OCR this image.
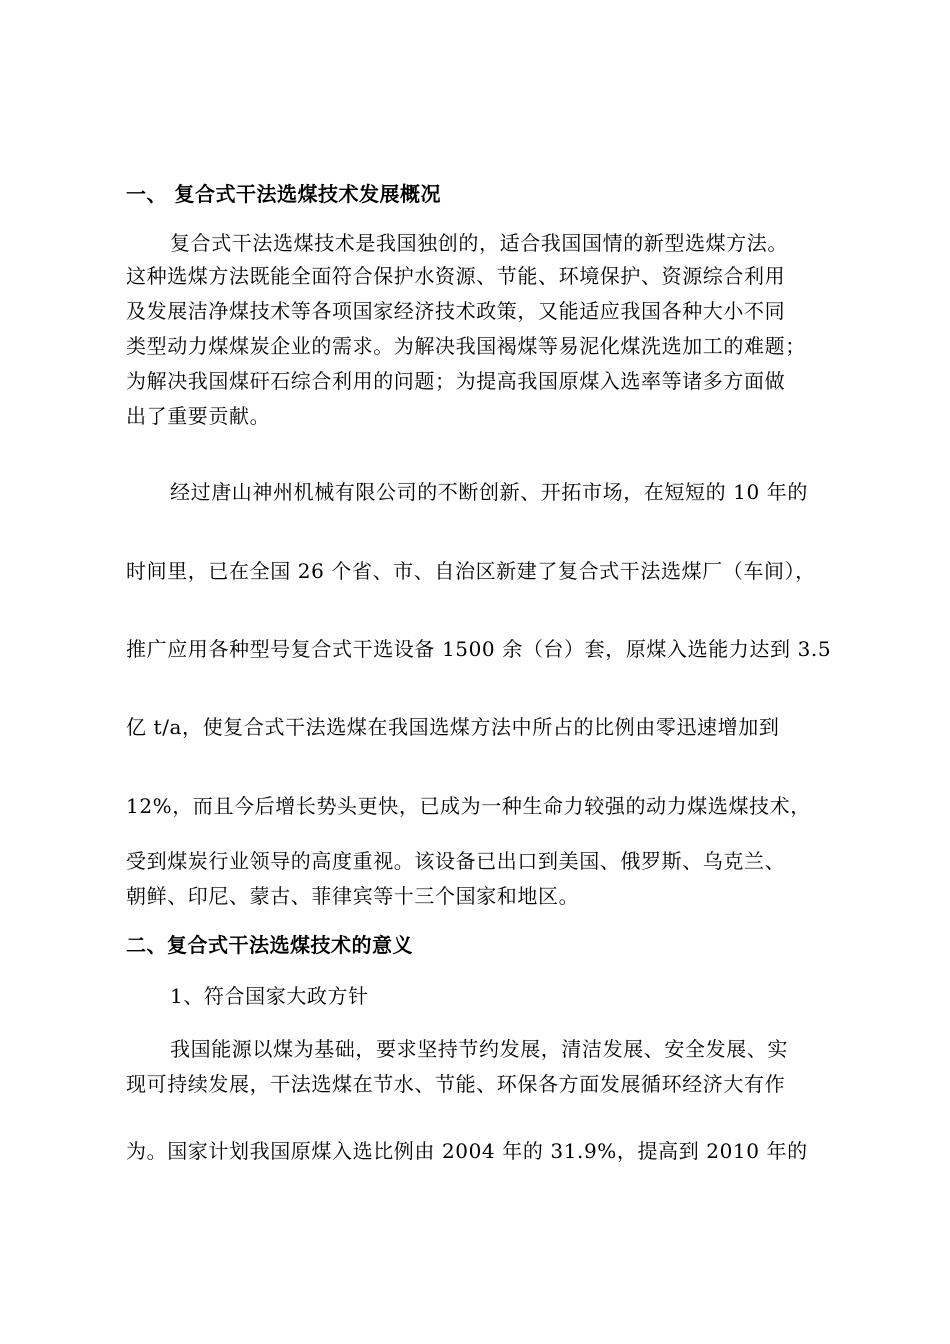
一、 复合式干法选煤技术发展概况
复合式干法选煤技术是我国独创的，适合我国国情的新型选煤方法。
这种选煤方法既能全面符合保护水资源、节能、环境保护、资源综合利用
及发展洁净煤技术等各项国家经济技术政策，又能适应我国各种大小不同
类型动力煤煤炭企业的需求。为解决我国褐煤等易泥化煤洗选加工的难题；
为解决我国煤矸石综合利用的问题；为提高我国原煤入选率等诸多方面做
出了重要贡献。
经过唐山神州机械有限公司的不断创新、开拓市场，在短短的 10 年的
时间里，已在全国 26 个省、市、自治区新建了复合式干法选煤厂（车间），
推广应用各种型号复合式干选设备 1500 余（台）套，原煤入选能力达到 3.5
亿 t/a，使复合式干法选煤在我国选煤方法中所占的比例由零迅速增加到
12%，而且今后增长势头更快，已成为一种生命力较强的动力煤选煤技术，
受到煤炭行业领导的高度重视。该设备已出口到美国、俄罗斯、乌克兰、
朝鲜、印尼、蒙古、菲律宾等十三个国家和地区。
二、复合式干法选煤技术的意义
1、符合国家大政方针
我国能源以煤为基础，要求坚持节约发展，清洁发展、安全发展、实
现可持续发展，干法选煤在节水、节能、环保各方面发展循环经济大有作
为。国家计划我国原煤入选比例由 2004 年的 31.9%，提高到 2010 年的
